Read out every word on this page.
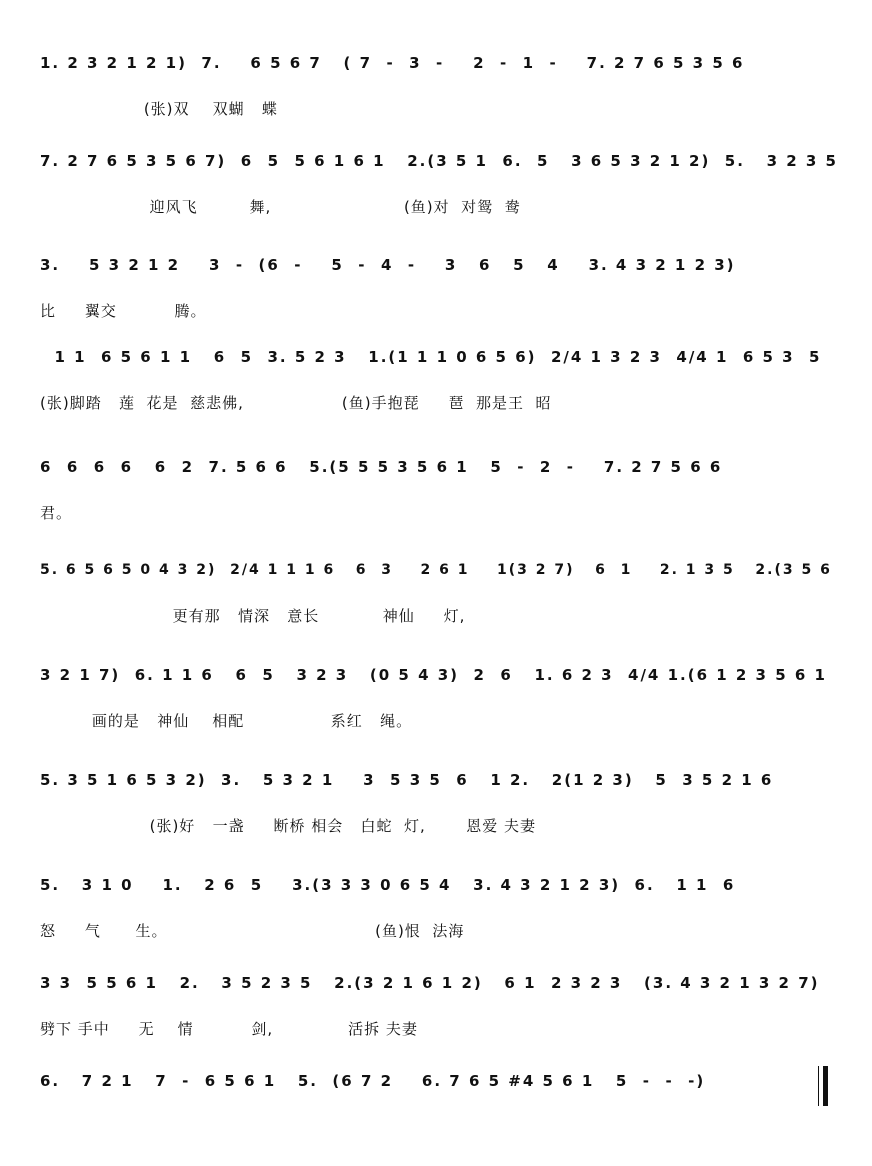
1. 2 3 2 1 2 1)  7.    6 5 6 7   ( 7  -  3  -    2  -  1  -    7. 2 7 6 5 3 5 6
(张)双    双蝴   蝶
7. 2 7 6 5 3 5 6 7)  6  5  5 6 1 6 1   2.(3 5 1  6.  5   3 6 5 3 2 1 2)  5.   3 2 3 5
迎风飞         舞,                       (鱼)对  对鸳  鸯
3.    5 3 2 1 2    3  -  (6  -    5  -  4  -    3   6   5   4    3. 4 3 2 1 2 3)
比     翼交          腾。
1 1  6 5 6 1 1   6  5  3. 5 2 3   1.(1 1 1 0 6 5 6)  2/4 1 3 2 3  4/4 1  6 5 3  5
(张)脚踏   莲  花是  慈悲佛,                 (鱼)手抱琵     琶  那是王  昭
6  6  6  6   6  2  7. 5 6 6   5.(5 5 5 3 5 6 1   5  -  2  -    7. 2 7 5 6 6
君。
5. 6 5 6 5 0 4 3 2)  2/4 1 1 1 6   6  3    2 6 1    1(3 2 7)   6  1    2. 1 3 5   2.(3 5 6
更有那   情深   意长           神仙     灯,
3 2 1 7)  6. 1 1 6   6  5   3 2 3   (0 5 4 3)  2  6   1. 6 2 3  4/4 1.(6 1 2 3 5 6 1
画的是   神仙    相配               系红   绳。
5. 3 5 1 6 5 3 2)  3.   5 3 2 1    3  5 3 5  6   1 2.   2(1 2 3)   5  3 5 2 1 6
(张)好   一盏     断桥 相会   白蛇  灯,       恩爱 夫妻
5.   3 1 0    1.   2 6  5    3.(3 3 3 0 6 5 4   3. 4 3 2 1 2 3)  6.   1 1  6
怒     气      生。                                    (鱼)恨  法海
3 3  5 5 6 1   2.   3 5 2 3 5   2.(3 2 1 6 1 2)   6 1  2 3 2 3   (3. 4 3 2 1 3 2 7)
劈下 手中     无    情          剑,             活拆 夫妻
6.   7 2 1   7  -  6 5 6 1   5.  (6 7 2    6. 7 6 5 #4 5 6 1   5  -  -  -)
